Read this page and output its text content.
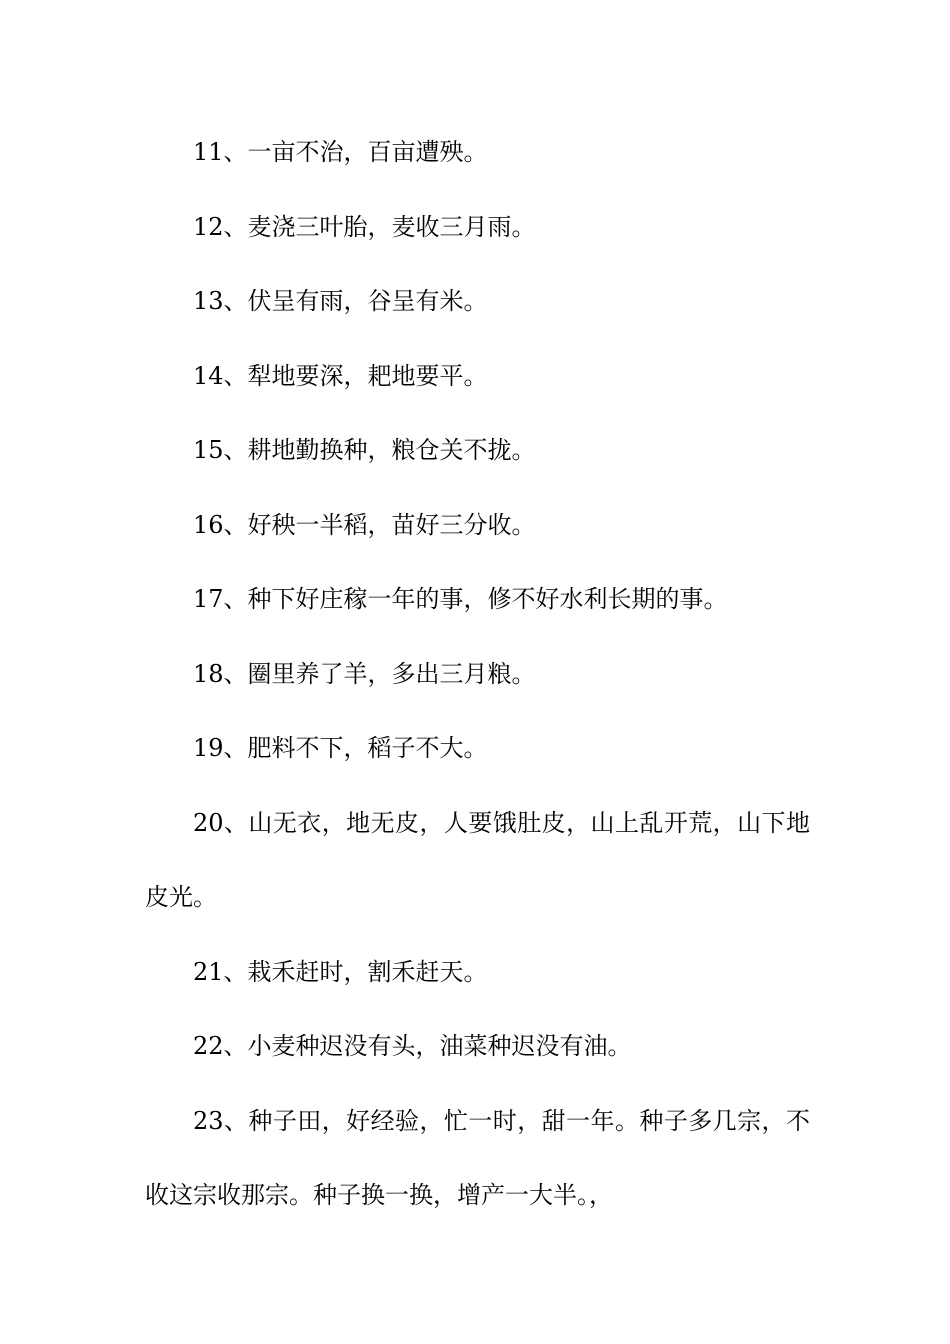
11、一亩不治，百亩遭殃。

12、麦浇三叶胎，麦收三月雨。

13、伏呈有雨，谷呈有米。

14、犁地要深，耙地要平。

15、耕地勤换种，粮仓关不拢。

16、好秧一半稻，苗好三分收。

17、种下好庄稼一年的事，修不好水利长期的事。

18、圈里养了羊，多出三月粮。

19、肥料不下，稻子不大。

20、山无衣，地无皮，人要饿肚皮，山上乱开荒，山下地皮光。

21、栽禾赶时，割禾赶天。

22、小麦种迟没有头，油菜种迟没有油。

23、种子田，好经验，忙一时，甜一年。种子多几宗，不收这宗收那宗。种子换一换，增产一大半。，
